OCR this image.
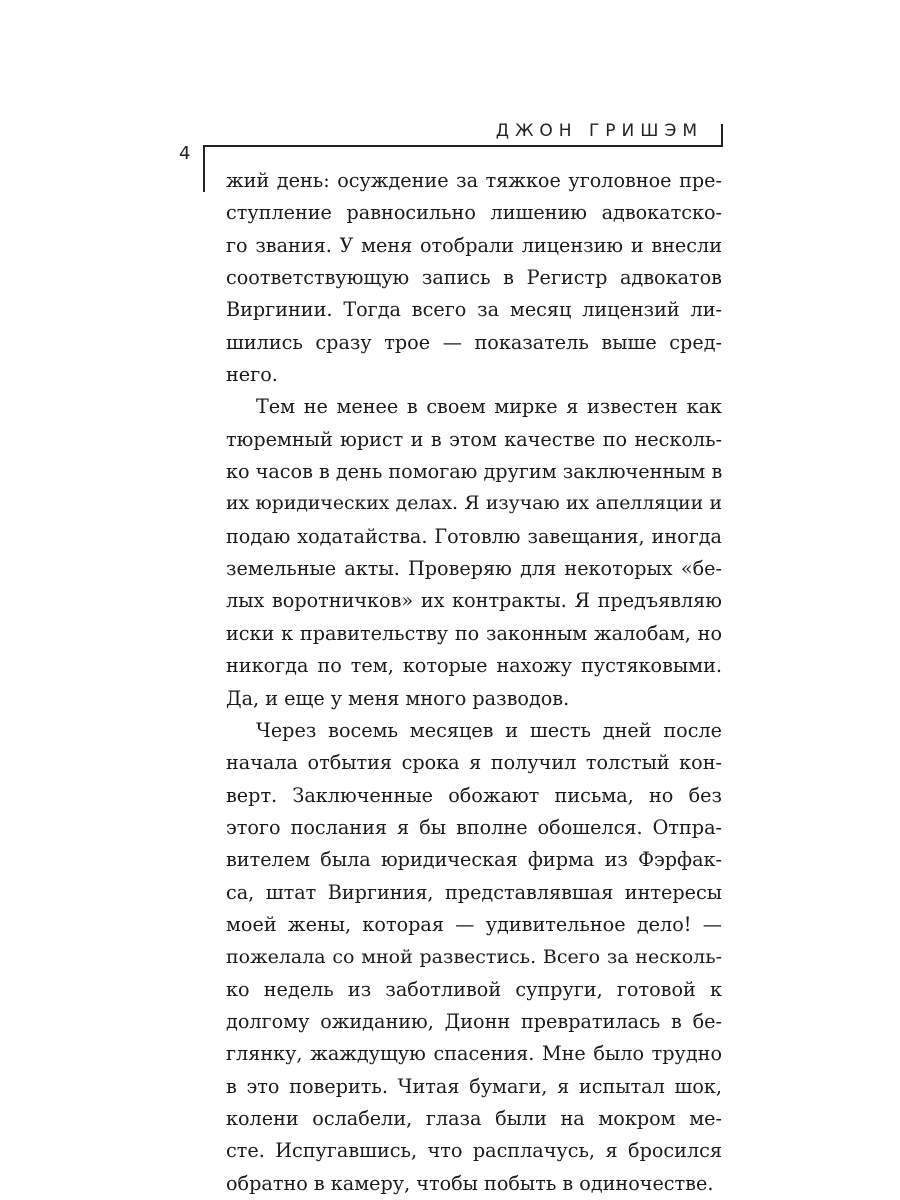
ДЖОН ГРИШЭМ
4
жий день: осуждение за тяжкое уголовное пре-
ступление равносильно лишению адвокатско-
го звания. У меня отобрали лицензию и внесли
соответствующую запись в Регистр адвокатов
Виргинии. Тогда всего за месяц лицензий ли-
шились сразу трое — показатель выше сред-
него.
Тем не менее в своем мирке я известен как
тюремный юрист и в этом качестве по несколь-
ко часов в день помогаю другим заключенным в
их юридических делах. Я изучаю их апелляции и
подаю ходатайства. Готовлю завещания, иногда
земельные акты. Проверяю для некоторых «бе-
лых воротничков» их контракты. Я предъявляю
иски к правительству по законным жалобам, но
никогда по тем, которые нахожу пустяковыми.
Да, и еще у меня много разводов.
Через восемь месяцев и шесть дней после
начала отбытия срока я получил толстый кон-
верт. Заключенные обожают письма, но без
этого послания я бы вполне обошелся. Отпра-
вителем была юридическая фирма из Фэрфак-
са, штат Виргиния, представлявшая интересы
моей жены, которая — удивительное дело! —
пожелала со мной развестись. Всего за несколь-
ко недель из заботливой супруги, готовой к
долгому ожиданию, Дионн превратилась в бе-
глянку, жаждущую спасения. Мне было трудно
в это поверить. Читая бумаги, я испытал шок,
колени ослабели, глаза были на мокром ме-
сте. Испугавшись, что расплачусь, я бросился
обратно в камеру, чтобы побыть в одиночестве.
